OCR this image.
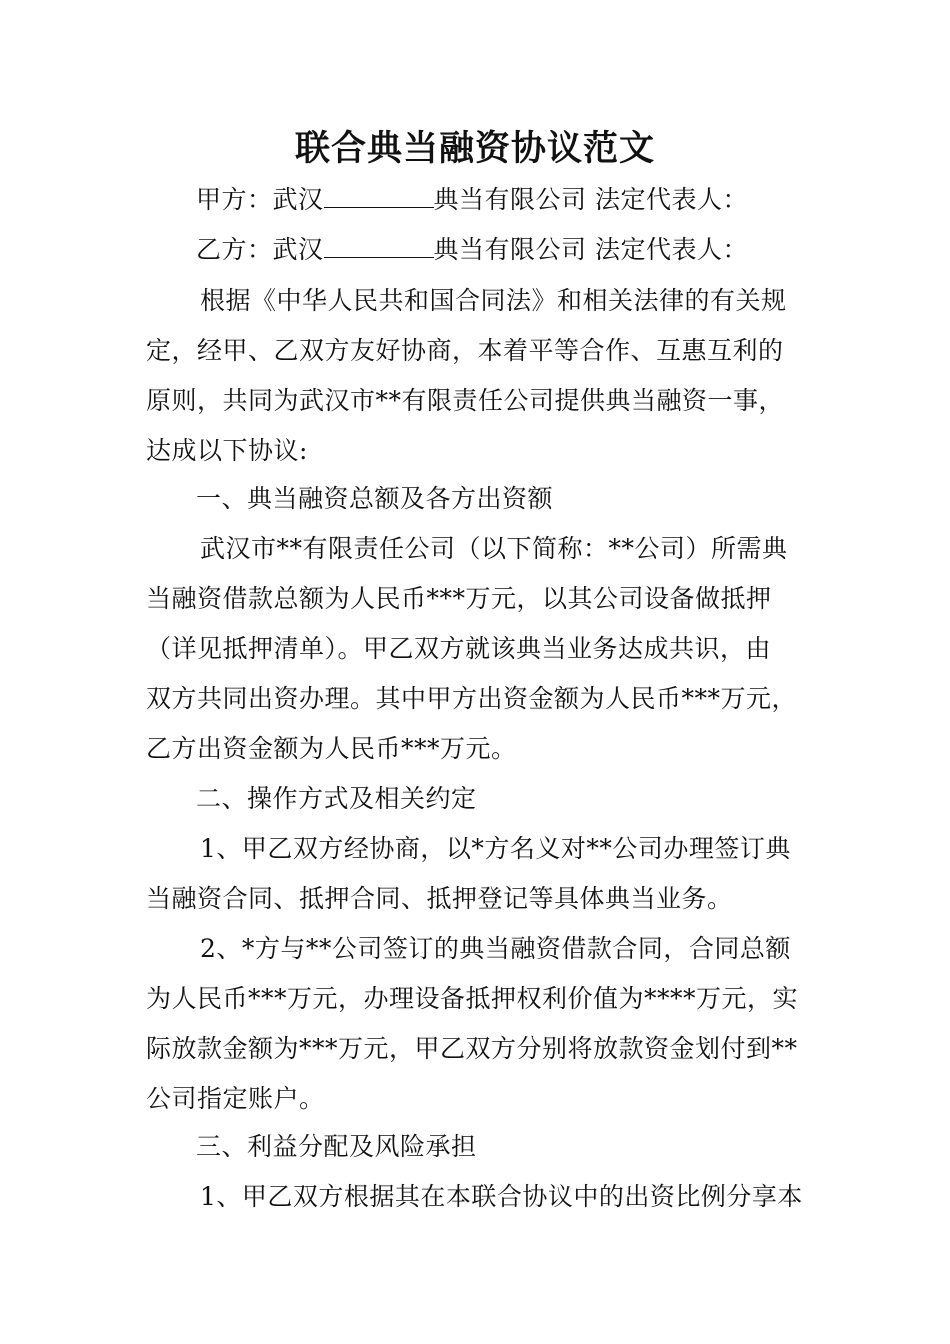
联合典当融资协议范文
甲方：武汉	典当有限公司 法定代表人：
乙方：武汉	典当有限公司 法定代表人：
根据《中华人民共和国合同法》和相关法律的有关规
定，经甲、乙双方友好协商，本着平等合作、互惠互利的
原则，共同为武汉市**有限责任公司提供典当融资一事，
达成以下协议:
一、典当融资总额及各方出资额
武汉市**有限责任公司（以下简称：**公司）所需典
当融资借款总额为人民币***万元，以其公司设备做抵押
（详见抵押清单）。甲乙双方就该典当业务达成共识，由
双方共同出资办理。其中甲方出资金额为人民币***万元，
乙方出资金额为人民币***万元。
二、操作方式及相关约定
1、甲乙双方经协商，以*方名义对**公司办理签订典
当融资合同、抵押合同、抵押登记等具体典当业务。
2、*方与**公司签订的典当融资借款合同，合同总额
为人民币***万元，办理设备抵押权利价值为****万元，实
际放款金额为***万元，甲乙双方分别将放款资金划付到**
公司指定账户。
三、利益分配及风险承担
1、甲乙双方根据其在本联合协议中的出资比例分享本
